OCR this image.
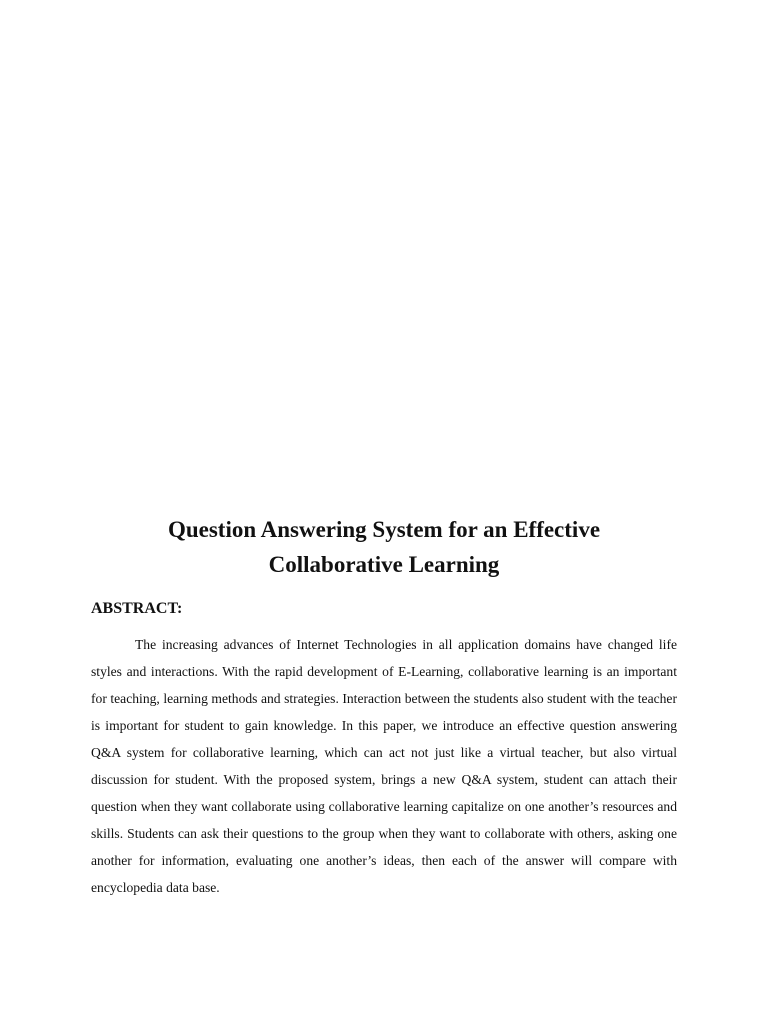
Question Answering System for an Effective
Collaborative Learning
ABSTRACT:

The increasing advances of Internet Technologies in all application domains have changed life styles and interactions. With the rapid development of E-Learning, collaborative learning is an important for teaching, learning methods and strategies. Interaction between the students also student with the teacher is important for student to gain knowledge. In this paper, we introduce an effective question answering Q&A system for collaborative learning, which can act not just like a virtual teacher, but also virtual discussion for student. With the proposed system, brings a new Q&A system, student can attach their question when they want collaborate using collaborative learning capitalize on one another’s resources and skills. Students can ask their questions to the group when they want to collaborate with others, asking one another for information, evaluating one another’s ideas, then each of the answer will compare with encyclopedia data base.
